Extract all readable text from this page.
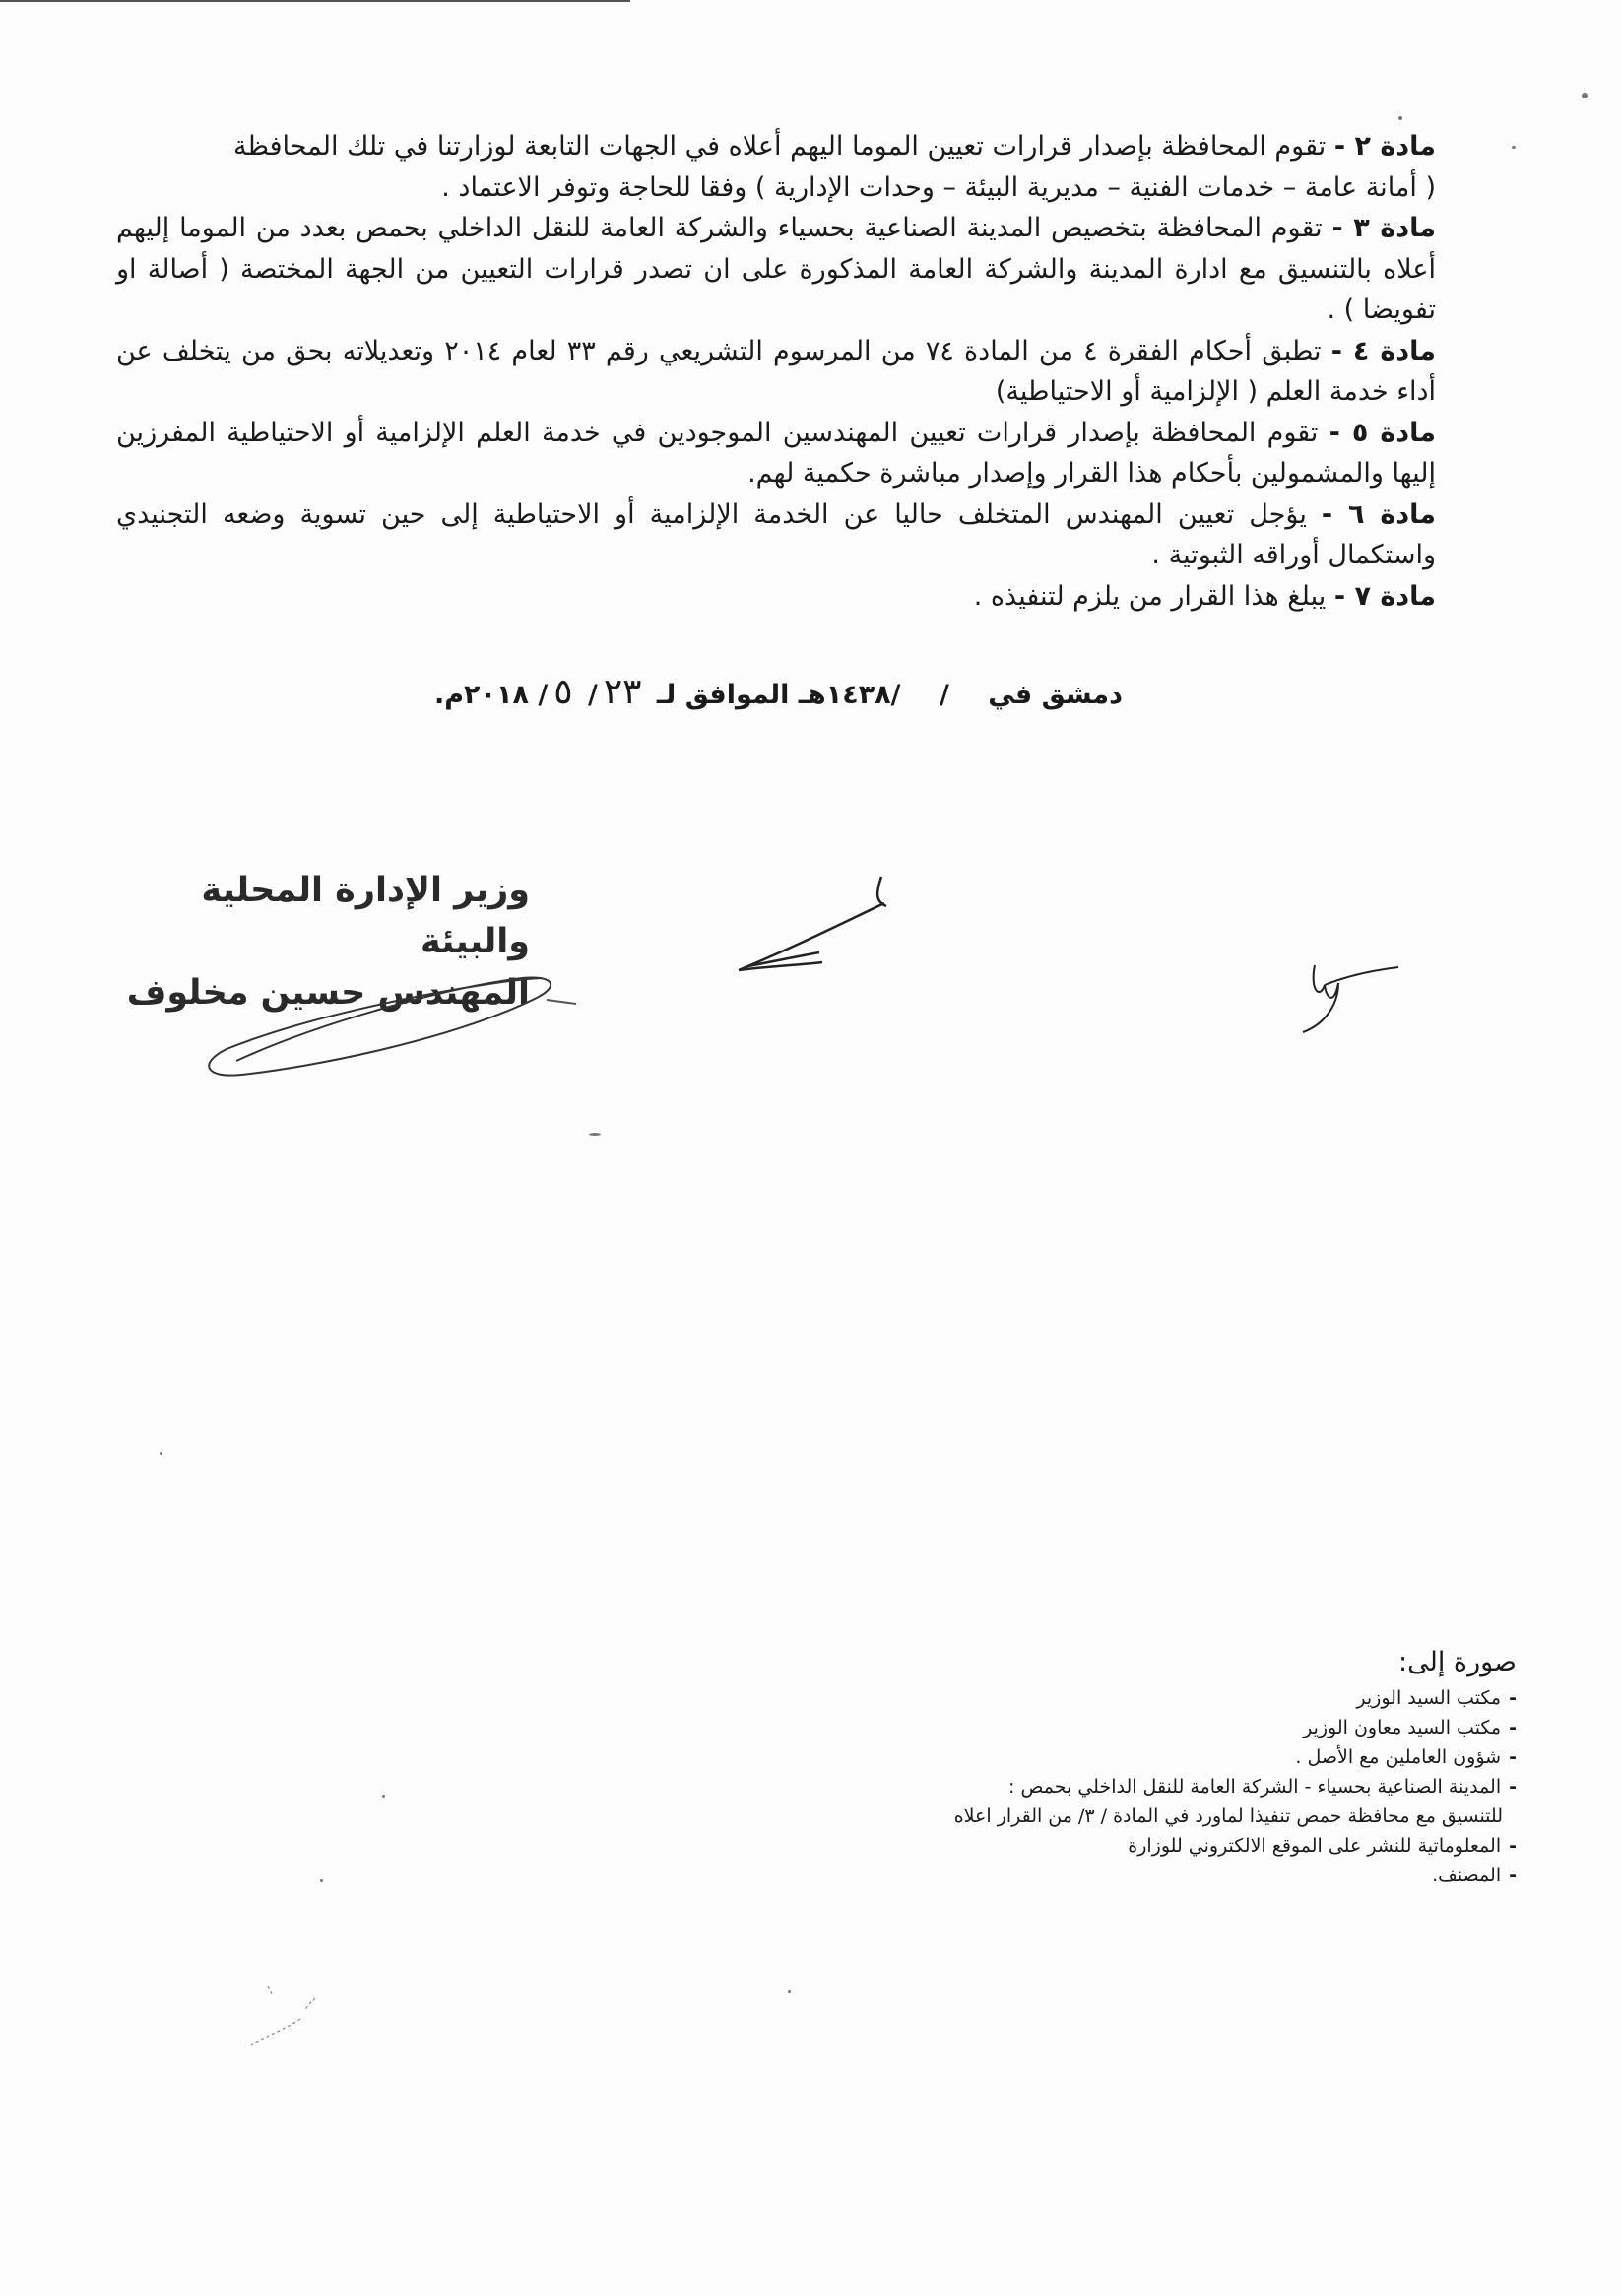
مادة ٢ - تقوم المحافظة بإصدار قرارات تعيين الموما اليهم أعلاه في الجهات التابعة لوزارتنا في تلك المحافظة
( أمانة عامة – خدمات الفنية – مديرية البيئة – وحدات الإدارية ) وفقا للحاجة وتوفر الاعتماد .

مادة ٣ - تقوم المحافظة بتخصيص المدينة الصناعية بحسياء والشركة العامة للنقل الداخلي بحمص بعدد من الموما إليهم أعلاه بالتنسيق مع ادارة المدينة والشركة العامة المذكورة على ان تصدر قرارات التعيين من الجهة المختصة ( أصالة او تفويضا ) .

مادة ٤ - تطبق أحكام الفقرة ٤ من المادة ٧٤ من المرسوم التشريعي رقم ٣٣ لعام ٢٠١٤ وتعديلاته بحق من يتخلف عن أداء خدمة العلم ( الإلزامية أو الاحتياطية)

مادة ٥ - تقوم المحافظة بإصدار قرارات تعيين المهندسين الموجودين في خدمة العلم الإلزامية أو الاحتياطية المفرزين إليها والمشمولين بأحكام هذا القرار وإصدار مباشرة حكمية لهم.

مادة ٦ - يؤجل تعيين المهندس المتخلف حاليا عن الخدمة الإلزامية أو الاحتياطية إلى حين تسوية وضعه التجنيدي واستكمال أوراقه الثبوتية .

مادة ٧ - يبلغ هذا القرار من يلزم لتنفيذه .

دمشق في / /١٤٣٨هـ الموافق لـ ٢٣/ ٥/ ٢٠١٨م.
وزير الإدارة المحلية والبيئة
المهندس حسين مخلوف
صورة إلى:
-مكتب السيد الوزير
-مكتب السيد معاون الوزير
-شؤون العاملين مع الأصل .
-المدينة الصناعية بحسياء - الشركة العامة للنقل الداخلي بحمص :
للتنسيق مع محافظة حمص تنفيذا لماورد في المادة / ٣/ من القرار اعلاه
-المعلوماتية للنشر على الموقع الالكتروني للوزارة
-المصنف.
